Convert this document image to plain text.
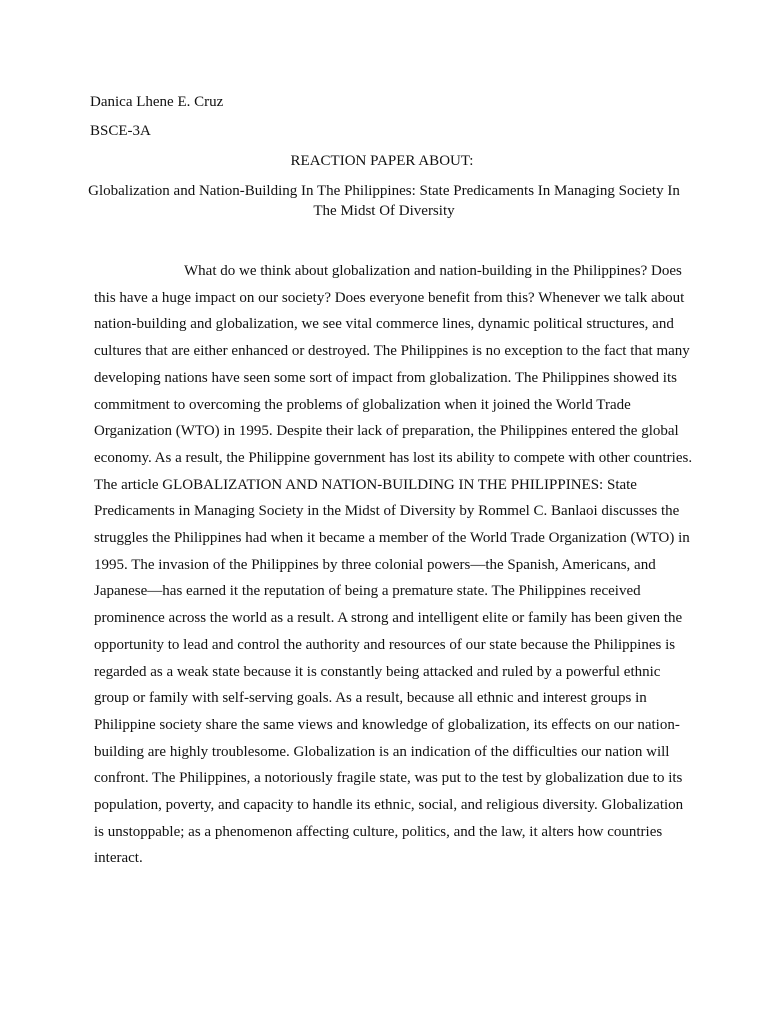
Danica Lhene E. Cruz
BSCE-3A
REACTION PAPER ABOUT:
Globalization and Nation-Building In The Philippines: State Predicaments In Managing Society In The Midst Of Diversity

What do we think about globalization and nation-building in the Philippines? Does this have a huge impact on our society? Does everyone benefit from this? Whenever we talk about nation-building and globalization, we see vital commerce lines, dynamic political structures, and cultures that are either enhanced or destroyed. The Philippines is no exception to the fact that many developing nations have seen some sort of impact from globalization. The Philippines showed its commitment to overcoming the problems of globalization when it joined the World Trade Organization (WTO) in 1995. Despite their lack of preparation, the Philippines entered the global economy. As a result, the Philippine government has lost its ability to compete with other countries. The article GLOBALIZATION AND NATION-BUILDING IN THE PHILIPPINES: State Predicaments in Managing Society in the Midst of Diversity by Rommel C. Banlaoi discusses the struggles the Philippines had when it became a member of the World Trade Organization (WTO) in 1995. The invasion of the Philippines by three colonial powers—the Spanish, Americans, and Japanese—has earned it the reputation of being a premature state. The Philippines received prominence across the world as a result. A strong and intelligent elite or family has been given the opportunity to lead and control the authority and resources of our state because the Philippines is regarded as a weak state because it is constantly being attacked and ruled by a powerful ethnic group or family with self-serving goals. As a result, because all ethnic and interest groups in Philippine society share the same views and knowledge of globalization, its effects on our nation-building are highly troublesome. Globalization is an indication of the difficulties our nation will confront. The Philippines, a notoriously fragile state, was put to the test by globalization due to its population, poverty, and capacity to handle its ethnic, social, and religious diversity. Globalization is unstoppable; as a phenomenon affecting culture, politics, and the law, it alters how countries interact.
